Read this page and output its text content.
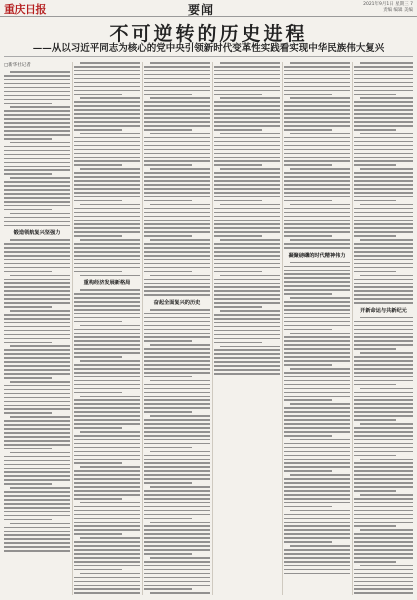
重庆日报	要闻	2021年9月1日 星期三 7
责编 编辑 美编
不可逆转的历史进程
——从以习近平同志为核心的党中央引领新时代变革性实践看实现中华民族伟大复兴
□新华社记者
锻造领航复兴坚强力
重构经济发展新格局
奋起全面复兴的历史
凝聚磅礴的时代精神伟力
开新命运与共新纪元
